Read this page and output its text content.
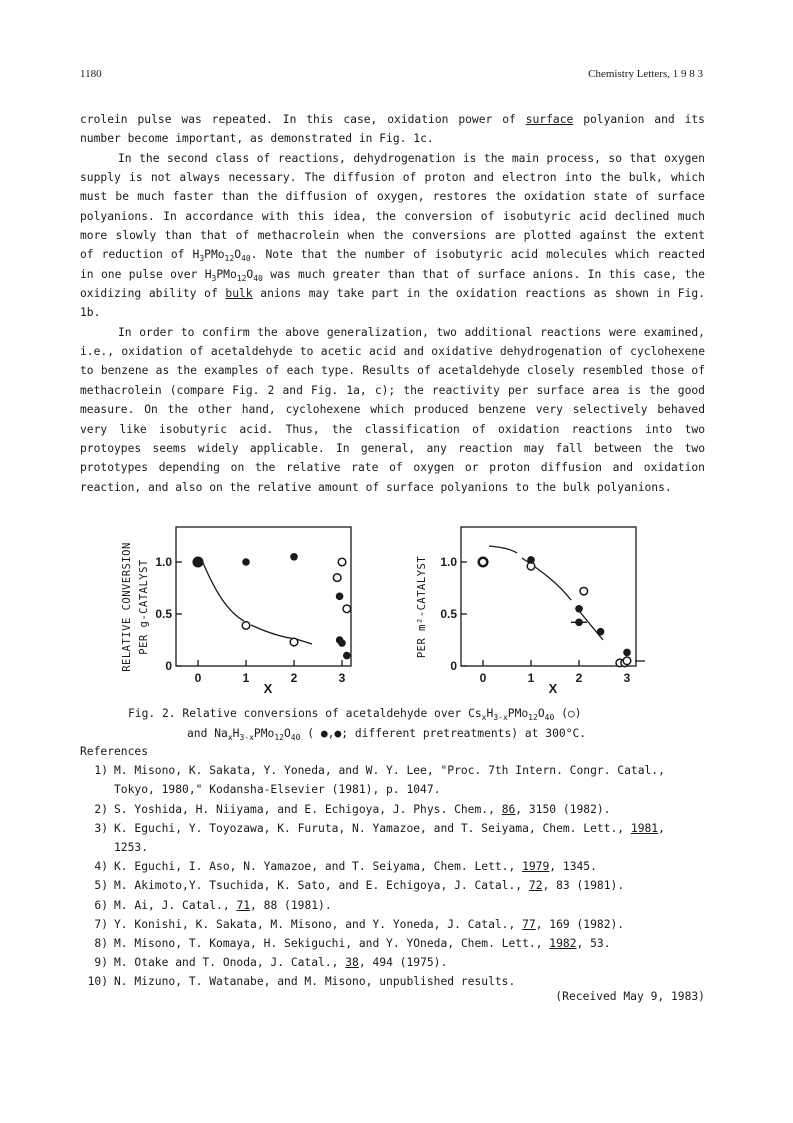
1180	Chemistry Letters, 1 9 8 3

crolein pulse was repeated. In this case, oxidation power of surface polyanion and its number become important, as demonstrated in Fig. 1c.

In the second class of reactions, dehydrogenation is the main process, so that oxygen supply is not always necessary. The diffusion of proton and electron into the bulk, which must be much faster than the diffusion of oxygen, restores the oxidation state of surface polyanions. In accordance with this idea, the conversion of isobutyric acid declined much more slowly than that of methacrolein when the conversions are plotted against the extent of reduction of $H_3PMo_{12}O_{40}$. Note that the number of isobutyric acid molecules which reacted in one pulse over $H_3PMo_{12}O_{40}$ was much greater than that of surface anions. In this case, the oxidizing ability of bulk anions may take part in the oxidation reactions as shown in Fig. 1b.

In order to confirm the above generalization, two additional reactions were examined, i.e., oxidation of acetaldehyde to acetic acid and oxidative dehydrogenation of cyclohexene to benzene as the examples of each type. Results of acetaldehyde closely resembled those of methacrolein (compare Fig. 2 and Fig. 1a, c); the reactivity per surface area is the good measure. On the other hand, cyclohexene which produced benzene very selectively behaved very like isobutyric acid. Thus, the classification of oxidation reactions into two protoypes seems widely applicable. In general, any reaction may fall between the two prototypes depending on the relative rate of oxygen or proton diffusion and oxidation reaction, and also on the relative amount of surface polyanions to the bulk polyanions.

RELATIVE CONVERSION PER g-CATALYST
0
0.5
1.0
0	1	2	3
X
PER m²-CATALYST
0
0.5
1.0
0	1	2	3
X
Fig. 2. Relative conversions of acetaldehyde over $Cs_xH_{3-x}PMo_{12}O_{40}$ (○)
and $Na_xH_{3-x}PMo_{12}O_{40}$ ( ●,●; different pretreatments) at 300°C.

References

1) M. Misono, K. Sakata, Y. Yoneda, and W. Y. Lee, "Proc. 7th Intern. Congr. Catal., Tokyo, 1980," Kodansha-Elsevier (1981), p. 1047.
2) S. Yoshida, H. Niiyama, and E. Echigoya, J. Phys. Chem., 86, 3150 (1982).
3) K. Eguchi, Y. Toyozawa, K. Furuta, N. Yamazoe, and T. Seiyama, Chem. Lett., 1981, 1253.
4) K. Eguchi, I. Aso, N. Yamazoe, and T. Seiyama, Chem. Lett., 1979, 1345.
5) M. Akimoto,Y. Tsuchida, K. Sato, and E. Echigoya, J. Catal., 72, 83 (1981).
6) M. Ai, J. Catal., 71, 88 (1981).
7) Y. Konishi, K. Sakata, M. Misono, and Y. Yoneda, J. Catal., 77, 169 (1982).
8) M. Misono, T. Komaya, H. Sekiguchi, and Y. YOneda, Chem. Lett., 1982, 53.
9) M. Otake and T. Onoda, J. Catal., 38, 494 (1975).
10) N. Mizuno, T. Watanabe, and M. Misono, unpublished results.
(Received May 9, 1983)
